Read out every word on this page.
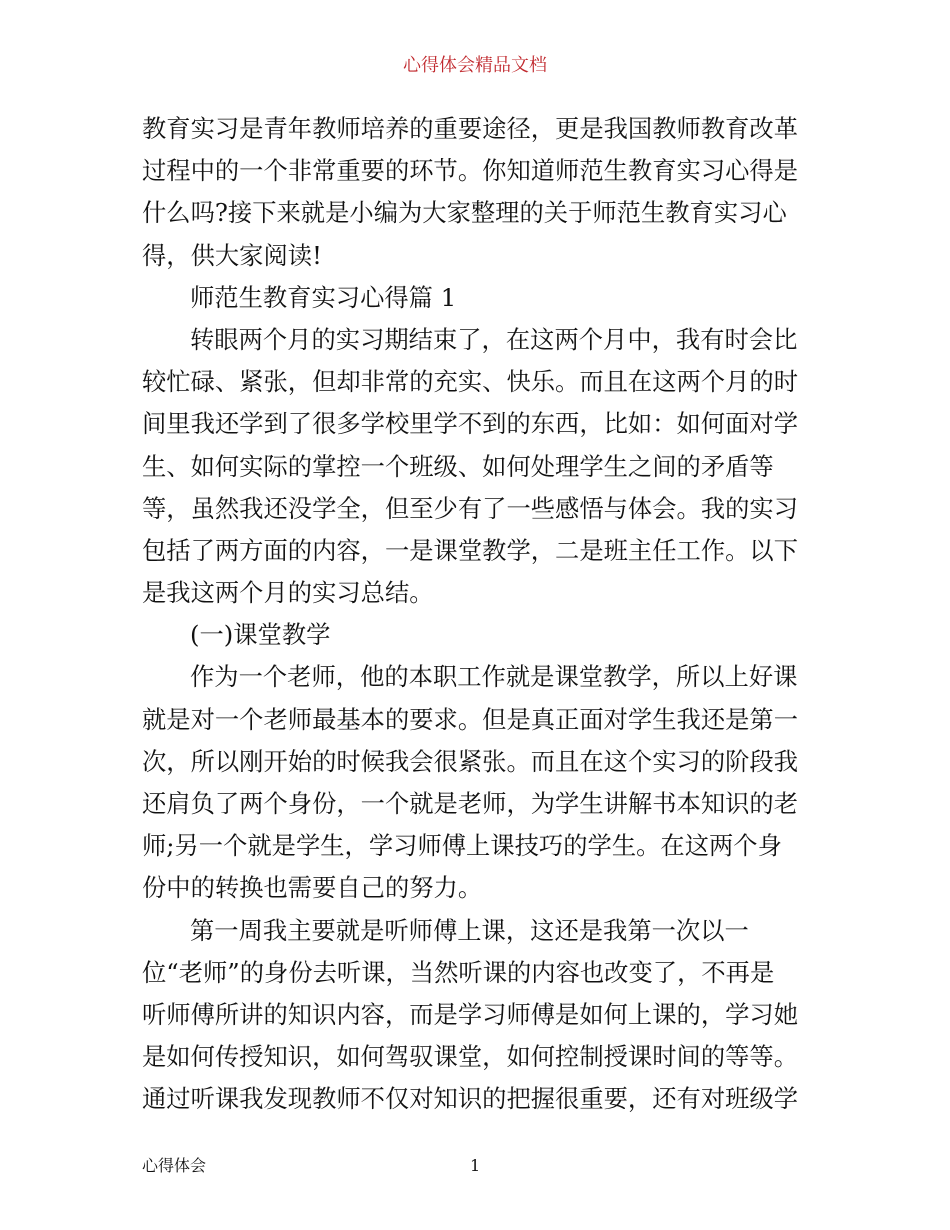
心得体会精品文档
教育实习是青年教师培养的重要途径，更是我国教师教育改革
过程中的一个非常重要的环节。你知道师范生教育实习心得是
什么吗?接下来就是小编为大家整理的关于师范生教育实习心
得，供大家阅读!
师范生教育实习心得篇 1
转眼两个月的实习期结束了，在这两个月中，我有时会比
较忙碌、紧张，但却非常的充实、快乐。而且在这两个月的时
间里我还学到了很多学校里学不到的东西，比如：如何面对学
生、如何实际的掌控一个班级、如何处理学生之间的矛盾等
等，虽然我还没学全，但至少有了一些感悟与体会。我的实习
包括了两方面的内容，一是课堂教学，二是班主任工作。以下
是我这两个月的实习总结。
(一)课堂教学
作为一个老师，他的本职工作就是课堂教学，所以上好课
就是对一个老师最基本的要求。但是真正面对学生我还是第一
次，所以刚开始的时候我会很紧张。而且在这个实习的阶段我
还肩负了两个身份，一个就是老师，为学生讲解书本知识的老
师;另一个就是学生，学习师傅上课技巧的学生。在这两个身
份中的转换也需要自己的努力。
第一周我主要就是听师傅上课，这还是我第一次以一
位“老师”的身份去听课，当然听课的内容也改变了，不再是
听师傅所讲的知识内容，而是学习师傅是如何上课的，学习她
是如何传授知识，如何驾驭课堂，如何控制授课时间的等等。
通过听课我发现教师不仅对知识的把握很重要，还有对班级学
心得体会	1
